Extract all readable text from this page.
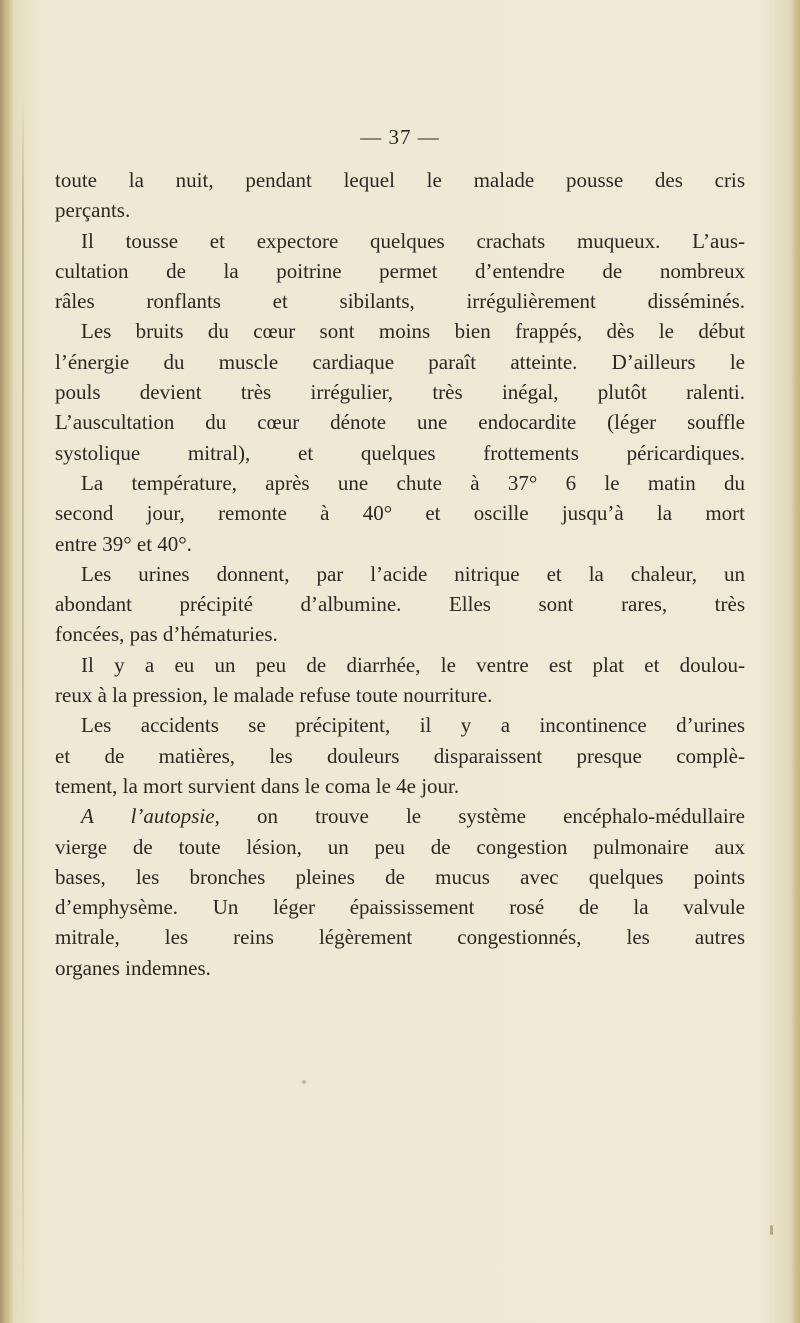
— 37 —
toute la nuit, pendant lequel le malade pousse des cris
perçants.
Il tousse et expectore quelques crachats muqueux. L’aus-
cultation de la poitrine permet d’entendre de nombreux
râles ronflants et sibilants, irrégulièrement disséminés.
Les bruits du cœur sont moins bien frappés, dès le début
l’énergie du muscle cardiaque paraît atteinte. D’ailleurs le
pouls devient très irrégulier, très inégal, plutôt ralenti.
L’auscultation du cœur dénote une endocardite (léger souffle
systolique mitral), et quelques frottements péricardiques.
La température, après une chute à 37° 6 le matin du
second jour, remonte à 40° et oscille jusqu’à la mort
entre 39° et 40°.
Les urines donnent, par l’acide nitrique et la chaleur, un
abondant précipité d’albumine. Elles sont rares, très
foncées, pas d’hématuries.
Il y a eu un peu de diarrhée, le ventre est plat et doulou-
reux à la pression, le malade refuse toute nourriture.
Les accidents se précipitent, il y a incontinence d’urines
et de matières, les douleurs disparaissent presque complè-
tement, la mort survient dans le coma le 4e jour.
A l’autopsie, on trouve le système encéphalo-médullaire
vierge de toute lésion, un peu de congestion pulmonaire aux
bases, les bronches pleines de mucus avec quelques points
d’emphysème. Un léger épaississement rosé de la valvule
mitrale, les reins légèrement congestionnés, les autres
organes indemnes.
